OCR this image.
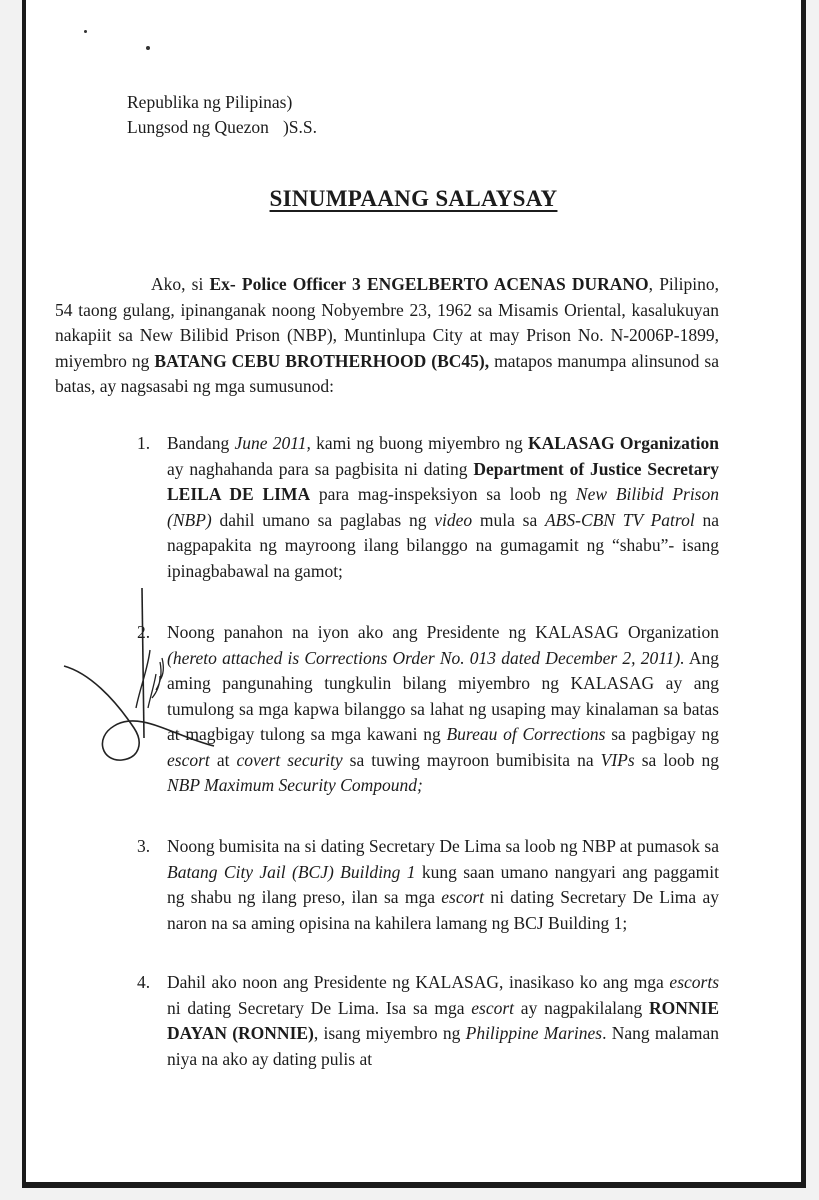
Republika ng Pilipinas)
Lungsod ng Quezon )S.S.
SINUMPAANG SALAYSAY
Ako, si Ex- Police Officer 3 ENGELBERTO ACENAS DURANO, Pilipino, 54 taong gulang, ipinanganak noong Nobyembre 23, 1962 sa Misamis Oriental, kasalukuyan nakapiit sa New Bilibid Prison (NBP), Muntinlupa City at may Prison No. N-2006P-1899, miyembro ng BATANG CEBU BROTHERHOOD (BC45), matapos manumpa alinsunod sa batas, ay nagsasabi ng mga sumusunod:
1. Bandang June 2011, kami ng buong miyembro ng KALASAG Organization ay naghahanda para sa pagbisita ni dating Department of Justice Secretary LEILA DE LIMA para mag-inspeksiyon sa loob ng New Bilibid Prison (NBP) dahil umano sa paglabas ng video mula sa ABS-CBN TV Patrol na nagpapakita ng mayroong ilang bilanggo na gumagamit ng “shabu”- isang ipinagbabawal na gamot;
2. Noong panahon na iyon ako ang Presidente ng KALASAG Organization (hereto attached is Corrections Order No. 013 dated December 2, 2011). Ang aming pangunahing tungkulin bilang miyembro ng KALASAG ay ang tumulong sa mga kapwa bilanggo sa lahat ng usaping may kinalaman sa batas at magbigay tulong sa mga kawani ng Bureau of Corrections sa pagbigay ng escort at covert security sa tuwing mayroon bumibisita na VIPs sa loob ng NBP Maximum Security Compound;
3. Noong bumisita na si dating Secretary De Lima sa loob ng NBP at pumasok sa Batang City Jail (BCJ) Building 1 kung saan umano nangyari ang paggamit ng shabu ng ilang preso, ilan sa mga escort ni dating Secretary De Lima ay naron na sa aming opisina na kahilera lamang ng BCJ Building 1;
4. Dahil ako noon ang Presidente ng KALASAG, inasikaso ko ang mga escorts ni dating Secretary De Lima. Isa sa mga escort ay nagpakilalang RONNIE DAYAN (RONNIE), isang miyembro ng Philippine Marines. Nang malaman niya na ako ay dating pulis at
